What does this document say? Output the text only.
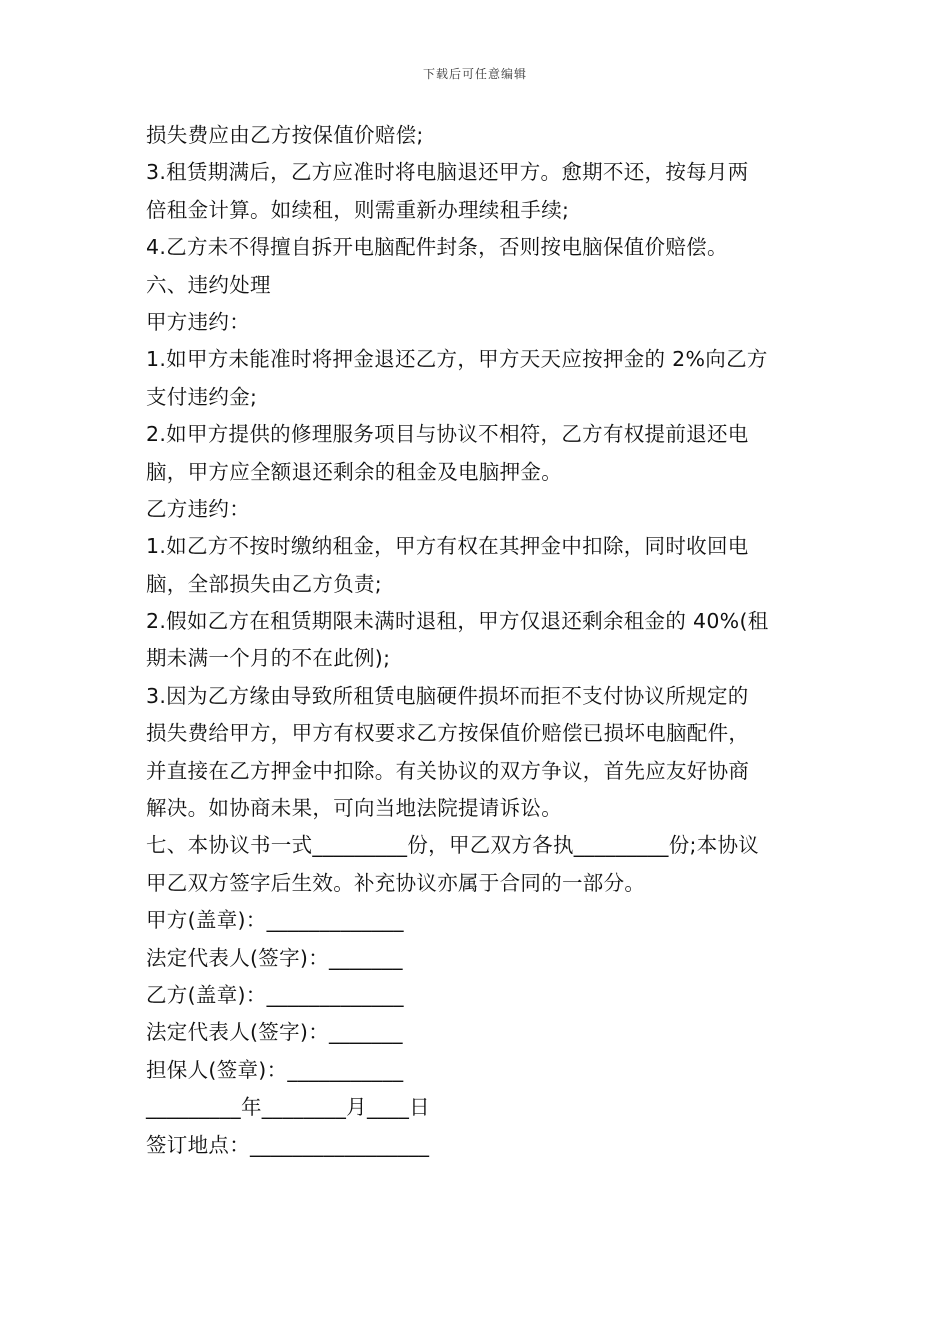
下载后可任意编辑
损失费应由乙方按保值价赔偿;
3.租赁期满后，乙方应准时将电脑退还甲方。愈期不还，按每月两
倍租金计算。如续租，则需重新办理续租手续;
4.乙方未不得擅自拆开电脑配件封条，否则按电脑保值价赔偿。
六、违约处理
甲方违约：
1.如甲方未能准时将押金退还乙方，甲方天天应按押金的 2%向乙方
支付违约金;
2.如甲方提供的修理服务项目与协议不相符，乙方有权提前退还电
脑，甲方应全额退还剩余的租金及电脑押金。
乙方违约：
1.如乙方不按时缴纳租金，甲方有权在其押金中扣除，同时收回电
脑，全部损失由乙方负责;
2.假如乙方在租赁期限未满时退租，甲方仅退还剩余租金的 40%(租
期未满一个月的不在此例);
3.因为乙方缘由导致所租赁电脑硬件损坏而拒不支付协议所规定的
损失费给甲方，甲方有权要求乙方按保值价赔偿已损坏电脑配件，
并直接在乙方押金中扣除。有关协议的双方争议，首先应友好协商
解决。如协商未果，可向当地法院提请诉讼。
七、本协议书一式_________份，甲乙双方各执_________份;本协议
甲乙双方签字后生效。补充协议亦属于合同的一部分。
甲方(盖章)：_____________
法定代表人(签字)：_______
乙方(盖章)：_____________
法定代表人(签字)：_______
担保人(签章)：___________
_________年________月____日
签订地点：_________________
